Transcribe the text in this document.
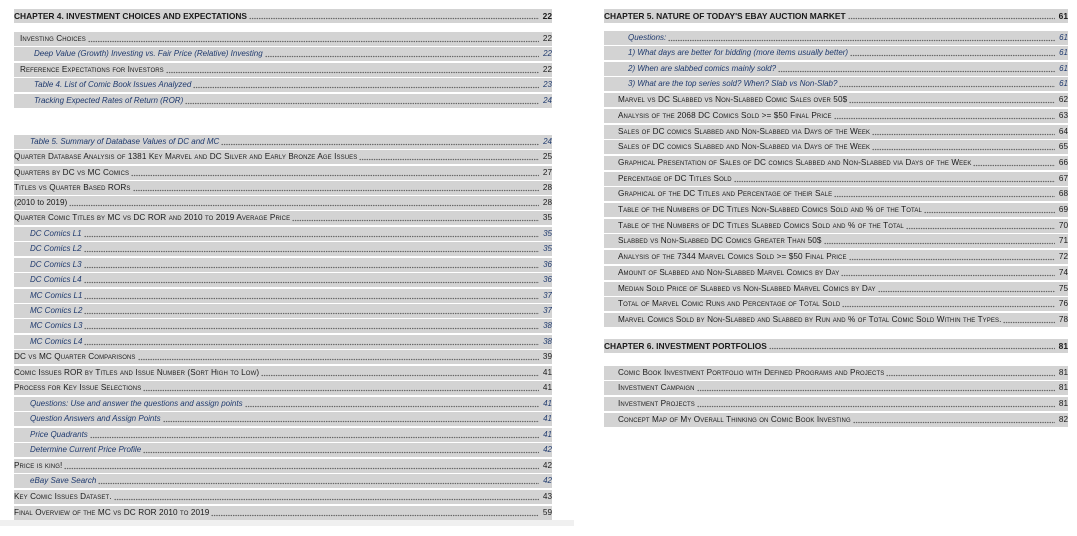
CHAPTER 4. INVESTMENT CHOICES AND EXPECTATIONS	22
Investing Choices	22
Deep Value (Growth) Investing vs. Fair Price (Relative) Investing	22
Reference Expectations for Investors	22
Table 4. List of Comic Book Issues Analyzed	23
Tracking Expected Rates of Return (ROR)	24
Table 5. Summary of Database Values of DC and MC	24
Quarter Database Analysis of 1381 Key Marvel and DC Silver and Early Bronze Age Issues	25
Quarters by DC vs MC Comics	27
Titles vs Quarter Based RORs	28
(2010 to 2019)	28
Quarter Comic Titles by MC vs DC ROR and 2010 to 2019 Average Price	35
DC Comics L1	35
DC Comics L2	35
DC Comics L3	36
DC Comics L4	36
MC Comics L1	37
MC Comics L2	37
MC Comics L3	38
MC Comics L4	38
DC vs MC Quarter Comparisons	39
Comic Issues ROR by Titles and Issue Number (Sort High to Low)	41
Process for Key Issue Selections	41
Questions: Use and answer the questions and assign points	41
Question Answers and Assign Points	41
Price Quadrants	41
Determine Current Price Profile	42
Price is king!	42
eBay Save Search	42
Key Comic Issues Dataset.	43
Final Overview of the MC vs DC ROR 2010 to 2019	59
CHAPTER 5. NATURE OF TODAY'S EBAY AUCTION MARKET	61
Questions:	61
1) What days are better for bidding (more items usually better)	61
2) When are slabbed comics mainly sold?	61
3) What are the top series sold? When? Slab vs Non-Slab?	61
Marvel vs DC Slabbed vs Non-Slabbed Comic Sales over 50$	62
Analysis of the 2068 DC Comics Sold >= $50 Final Price	63
Sales of DC comics Slabbed and Non-Slabbed via Days of the Week	64
Sales of DC comics Slabbed and Non-Slabbed via Days of the Week	65
Graphical Presentation of Sales of DC comics Slabbed and Non-Slabbed via Days of the Week	66
Percentage of DC Titles Sold	67
Graphical of the DC Titles and Percentage of their Sale	68
Table of the Numbers of DC Titles Non-Slabbed Comics Sold and % of the Total	69
Table of the Numbers of DC Titles Slabbed Comics Sold and % of the Total	70
Slabbed vs Non-Slabbed DC Comics Greater Than 50$	71
Analysis of the 7344 Marvel Comics Sold >= $50 Final Price	72
Amount of Slabbed and Non-Slabbed Marvel Comics by Day	74
Median Sold Price of Slabbed vs Non-Slabbed Marvel Comics by Day	75
Total of Marvel Comic Runs and Percentage of Total Sold	76
Marvel Comics Sold by Non-Slabbed and Slabbed by Run and % of Total Comic Sold Within the Types.	78
CHAPTER 6. INVESTMENT PORTFOLIOS	81
Comic Book Investment Portfolio with Defined Programs and Projects	81
Investment Campaign	81
Investment Projects	81
Concept Map of My Overall Thinking on Comic Book Investing	82
